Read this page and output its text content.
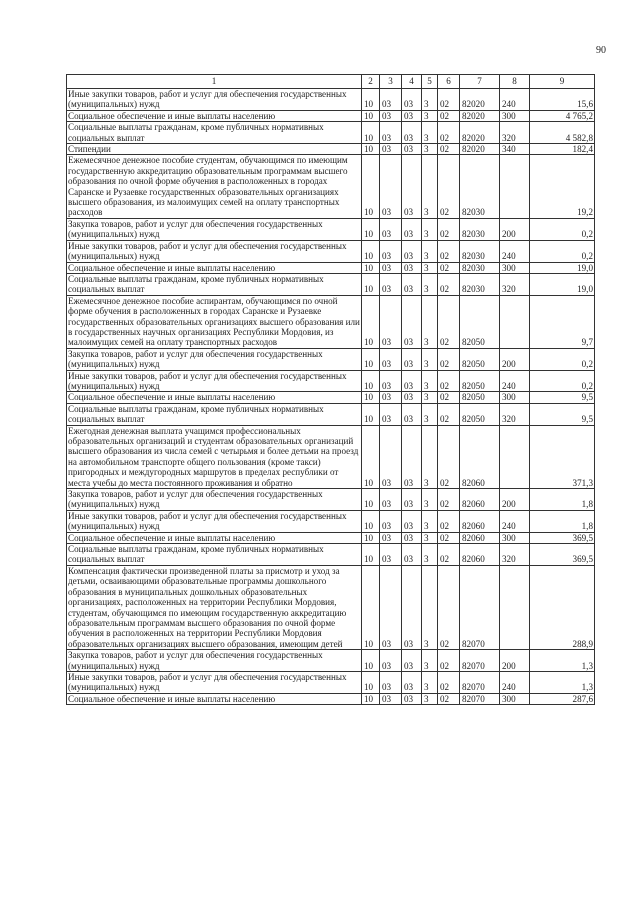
90
1	2	3	4	5	6	7	8	9
Иные закупки товаров, работ и услуг для обеспечения государственных (муниципальных) нужд	10	03	03	3	02	82020	240	15,6
Социальное обеспечение и иные выплаты населению	10	03	03	3	02	82020	300	4 765,2
Социальные выплаты гражданам, кроме публичных нормативных социальных выплат	10	03	03	3	02	82020	320	4 582,8
Стипендии	10	03	03	3	02	82020	340	182,4
Ежемесячное денежное пособие студентам, обучающимся по имеющим государственную аккредитацию образовательным программам высшего образования по очной форме обучения в расположенных в городах Саранске и Рузаевке государственных образовательных организациях высшего образования, из малоимущих семей на оплату транспортных расходов	10	03	03	3	02	82030		19,2
Закупка товаров, работ и услуг для обеспечения государственных (муниципальных) нужд	10	03	03	3	02	82030	200	0,2
Иные закупки товаров, работ и услуг для обеспечения государственных (муниципальных) нужд	10	03	03	3	02	82030	240	0,2
Социальное обеспечение и иные выплаты населению	10	03	03	3	02	82030	300	19,0
Социальные выплаты гражданам, кроме публичных нормативных социальных выплат	10	03	03	3	02	82030	320	19,0
Ежемесячное денежное пособие аспирантам, обучающимся по очной форме обучения в расположенных в городах Саранске и Рузаевке государственных образовательных организациях высшего образования или в государственных научных организациях Республики Мордовия, из малоимущих семей на оплату транспортных расходов	10	03	03	3	02	82050		9,7
Закупка товаров, работ и услуг для обеспечения государственных (муниципальных) нужд	10	03	03	3	02	82050	200	0,2
Иные закупки товаров, работ и услуг для обеспечения государственных (муниципальных) нужд	10	03	03	3	02	82050	240	0,2
Социальное обеспечение и иные выплаты населению	10	03	03	3	02	82050	300	9,5
Социальные выплаты гражданам, кроме публичных нормативных социальных выплат	10	03	03	3	02	82050	320	9,5
Ежегодная денежная выплата учащимся профессиональных образовательных организаций и студентам образовательных организаций высшего образования из числа семей с четырьмя и более детьми на проезд на автомобильном транспорте общего пользования (кроме такси) пригородных и междугородных маршрутов в пределах республики от места учебы до места постоянного проживания и обратно	10	03	03	3	02	82060		371,3
Закупка товаров, работ и услуг для обеспечения государственных (муниципальных) нужд	10	03	03	3	02	82060	200	1,8
Иные закупки товаров, работ и услуг для обеспечения государственных (муниципальных) нужд	10	03	03	3	02	82060	240	1,8
Социальное обеспечение и иные выплаты населению	10	03	03	3	02	82060	300	369,5
Социальные выплаты гражданам, кроме публичных нормативных социальных выплат	10	03	03	3	02	82060	320	369,5
Компенсация фактически произведенной платы за присмотр и уход за детьми, осваивающими образовательные программы дошкольного образования в муниципальных дошкольных образовательных организациях, расположенных на территории Республики Мордовия, студентам, обучающимся по имеющим государственную аккредитацию образовательным программам высшего образования по очной форме обучения в расположенных на территории Республики Мордовия образовательных организациях высшего образования, имеющим детей	10	03	03	3	02	82070		288,9
Закупка товаров, работ и услуг для обеспечения государственных (муниципальных) нужд	10	03	03	3	02	82070	200	1,3
Иные закупки товаров, работ и услуг для обеспечения государственных (муниципальных) нужд	10	03	03	3	02	82070	240	1,3
Социальное обеспечение и иные выплаты населению	10	03	03	3	02	82070	300	287,6
